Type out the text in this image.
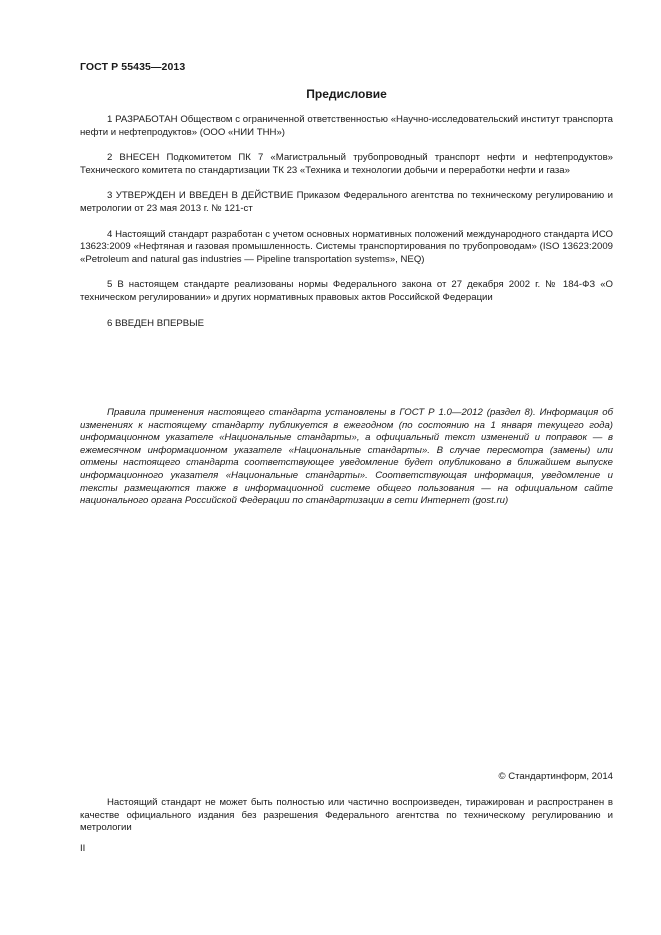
ГОСТ Р 55435—2013
Предисловие

1 РАЗРАБОТАН Обществом с ограниченной ответственностью «Научно-исследовательский институт транспорта нефти и нефтепродуктов» (ООО «НИИ ТНН»)

2 ВНЕСЕН Подкомитетом ПК 7 «Магистральный трубопроводный транспорт нефти и нефтепродуктов» Технического комитета по стандартизации ТК 23 «Техника и технологии добычи и переработки нефти и газа»

3 УТВЕРЖДЕН И ВВЕДЕН В ДЕЙСТВИЕ Приказом Федерального агентства по техническому регулированию и метрологии от 23 мая 2013 г. № 121-ст

4 Настоящий стандарт разработан с учетом основных нормативных положений международного стандарта ИСО 13623:2009 «Нефтяная и газовая промышленность. Системы транспортирования по трубопроводам» (ISO 13623:2009 «Petroleum and natural gas industries — Pipeline transportation systems», NEQ)

5 В настоящем стандарте реализованы нормы Федерального закона от 27 декабря 2002 г. № 184-ФЗ «О техническом регулировании» и других нормативных правовых актов Российской Федерации

6 ВВЕДЕН ВПЕРВЫЕ

Правила применения настоящего стандарта установлены в ГОСТ Р 1.0—2012 (раздел 8). Информация об изменениях к настоящему стандарту публикуется в ежегодном (по состоянию на 1 января текущего года) информационном указателе «Национальные стандарты», а официальный текст изменений и поправок — в ежемесячном информационном указателе «Национальные стандарты». В случае пересмотра (замены) или отмены настоящего стандарта соответствующее уведомление будет опубликовано в ближайшем выпуске информационного указателя «Национальные стандарты». Соответствующая информация, уведомление и тексты размещаются также в информационной системе общего пользования — на официальном сайте национального органа Российской Федерации по стандартизации в сети Интернет (gost.ru)

© Стандартинформ, 2014

Настоящий стандарт не может быть полностью или частично воспроизведен, тиражирован и распространен в качестве официального издания без разрешения Федерального агентства по техническому регулированию и метрологии

II
